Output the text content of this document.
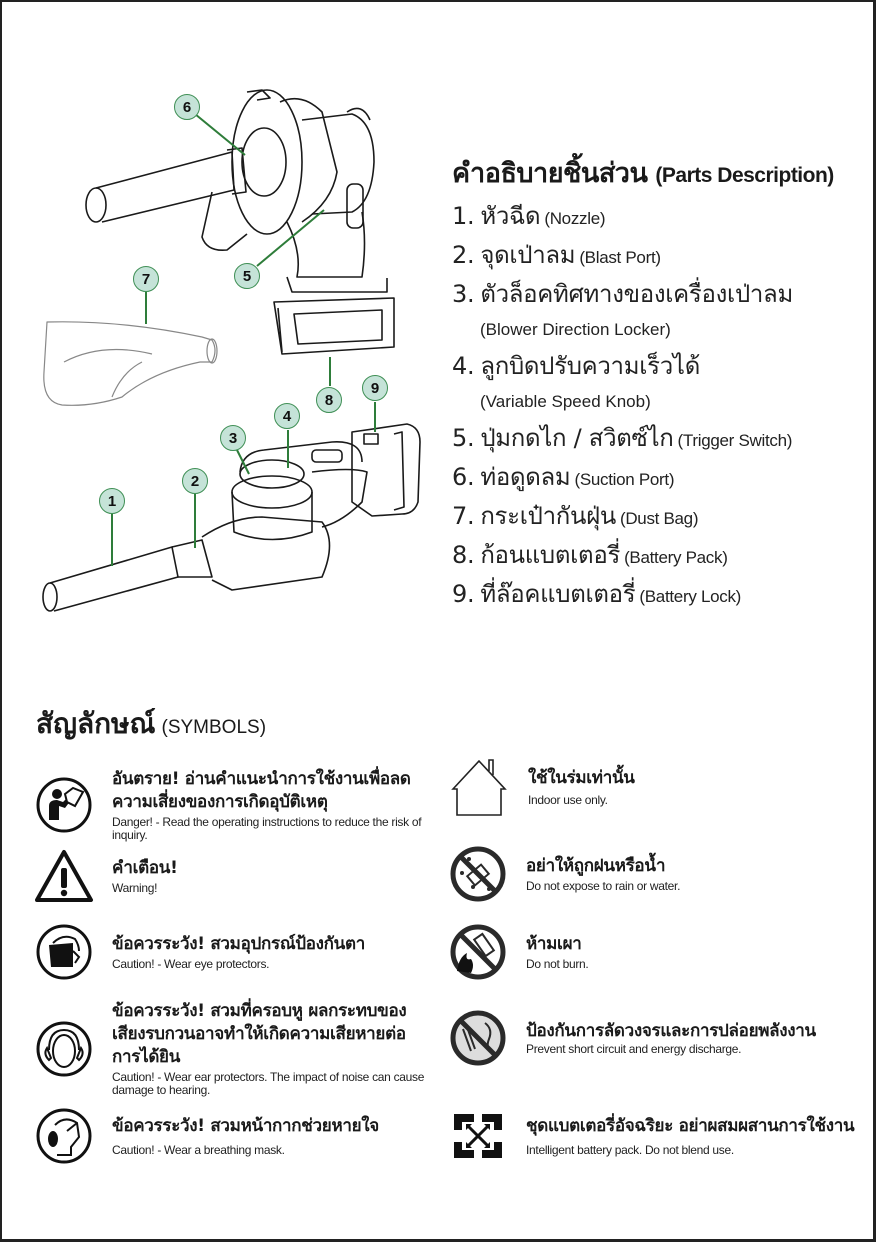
1
2
3
4
5
6
7
8
9
คำอธิบายชิ้นส่วน (Parts Description)
1. หัวฉีด (Nozzle)
2. จุดเป่าลม (Blast Port)
3. ตัวล็อคทิศทางของเครื่องเป่าลม
(Blower Direction Locker)
4. ลูกบิดปรับความเร็วได้
(Variable Speed Knob)
5. ปุ่มกดไก / สวิตซ์ไก (Trigger Switch)
6. ท่อดูดลม (Suction Port)
7. กระเป๋ากันฝุ่น (Dust Bag)
8. ก้อนแบตเตอรี่ (Battery Pack)
9. ที่ล๊อคแบตเตอรี่ (Battery Lock)
สัญลักษณ์ (SYMBOLS)
อันตราย! อ่านคำแนะนำการใช้งานเพื่อลดความเสี่ยงของการเกิดอุบัติเหตุ
Danger! - Read the operating instructions to reduce the risk of inquiry.
คำเตือน!
Warning!
ข้อควรระวัง! สวมอุปกรณ์ป้องกันตา
Caution! - Wear eye protectors.
ข้อควรระวัง! สวมที่ครอบหู ผลกระทบของเสียงรบกวนอาจทำให้เกิดความเสียหายต่อการได้ยิน
Caution! - Wear ear protectors. The impact of noise can cause damage to hearing.
ข้อควรระวัง! สวมหน้ากากช่วยหายใจ
Caution! - Wear a breathing mask.
ใช้ในร่มเท่านั้น
Indoor use only.
อย่าให้ถูกฝนหรือน้ำ
Do not expose to rain or water.
ห้ามเผา
Do not burn.
ป้องกันการลัดวงจรและการปล่อยพลังงาน
Prevent short circuit and energy discharge.
ชุดแบตเตอรี่อัจฉริยะ อย่าผสมผสานการใช้งาน
Intelligent battery pack. Do not blend use.
